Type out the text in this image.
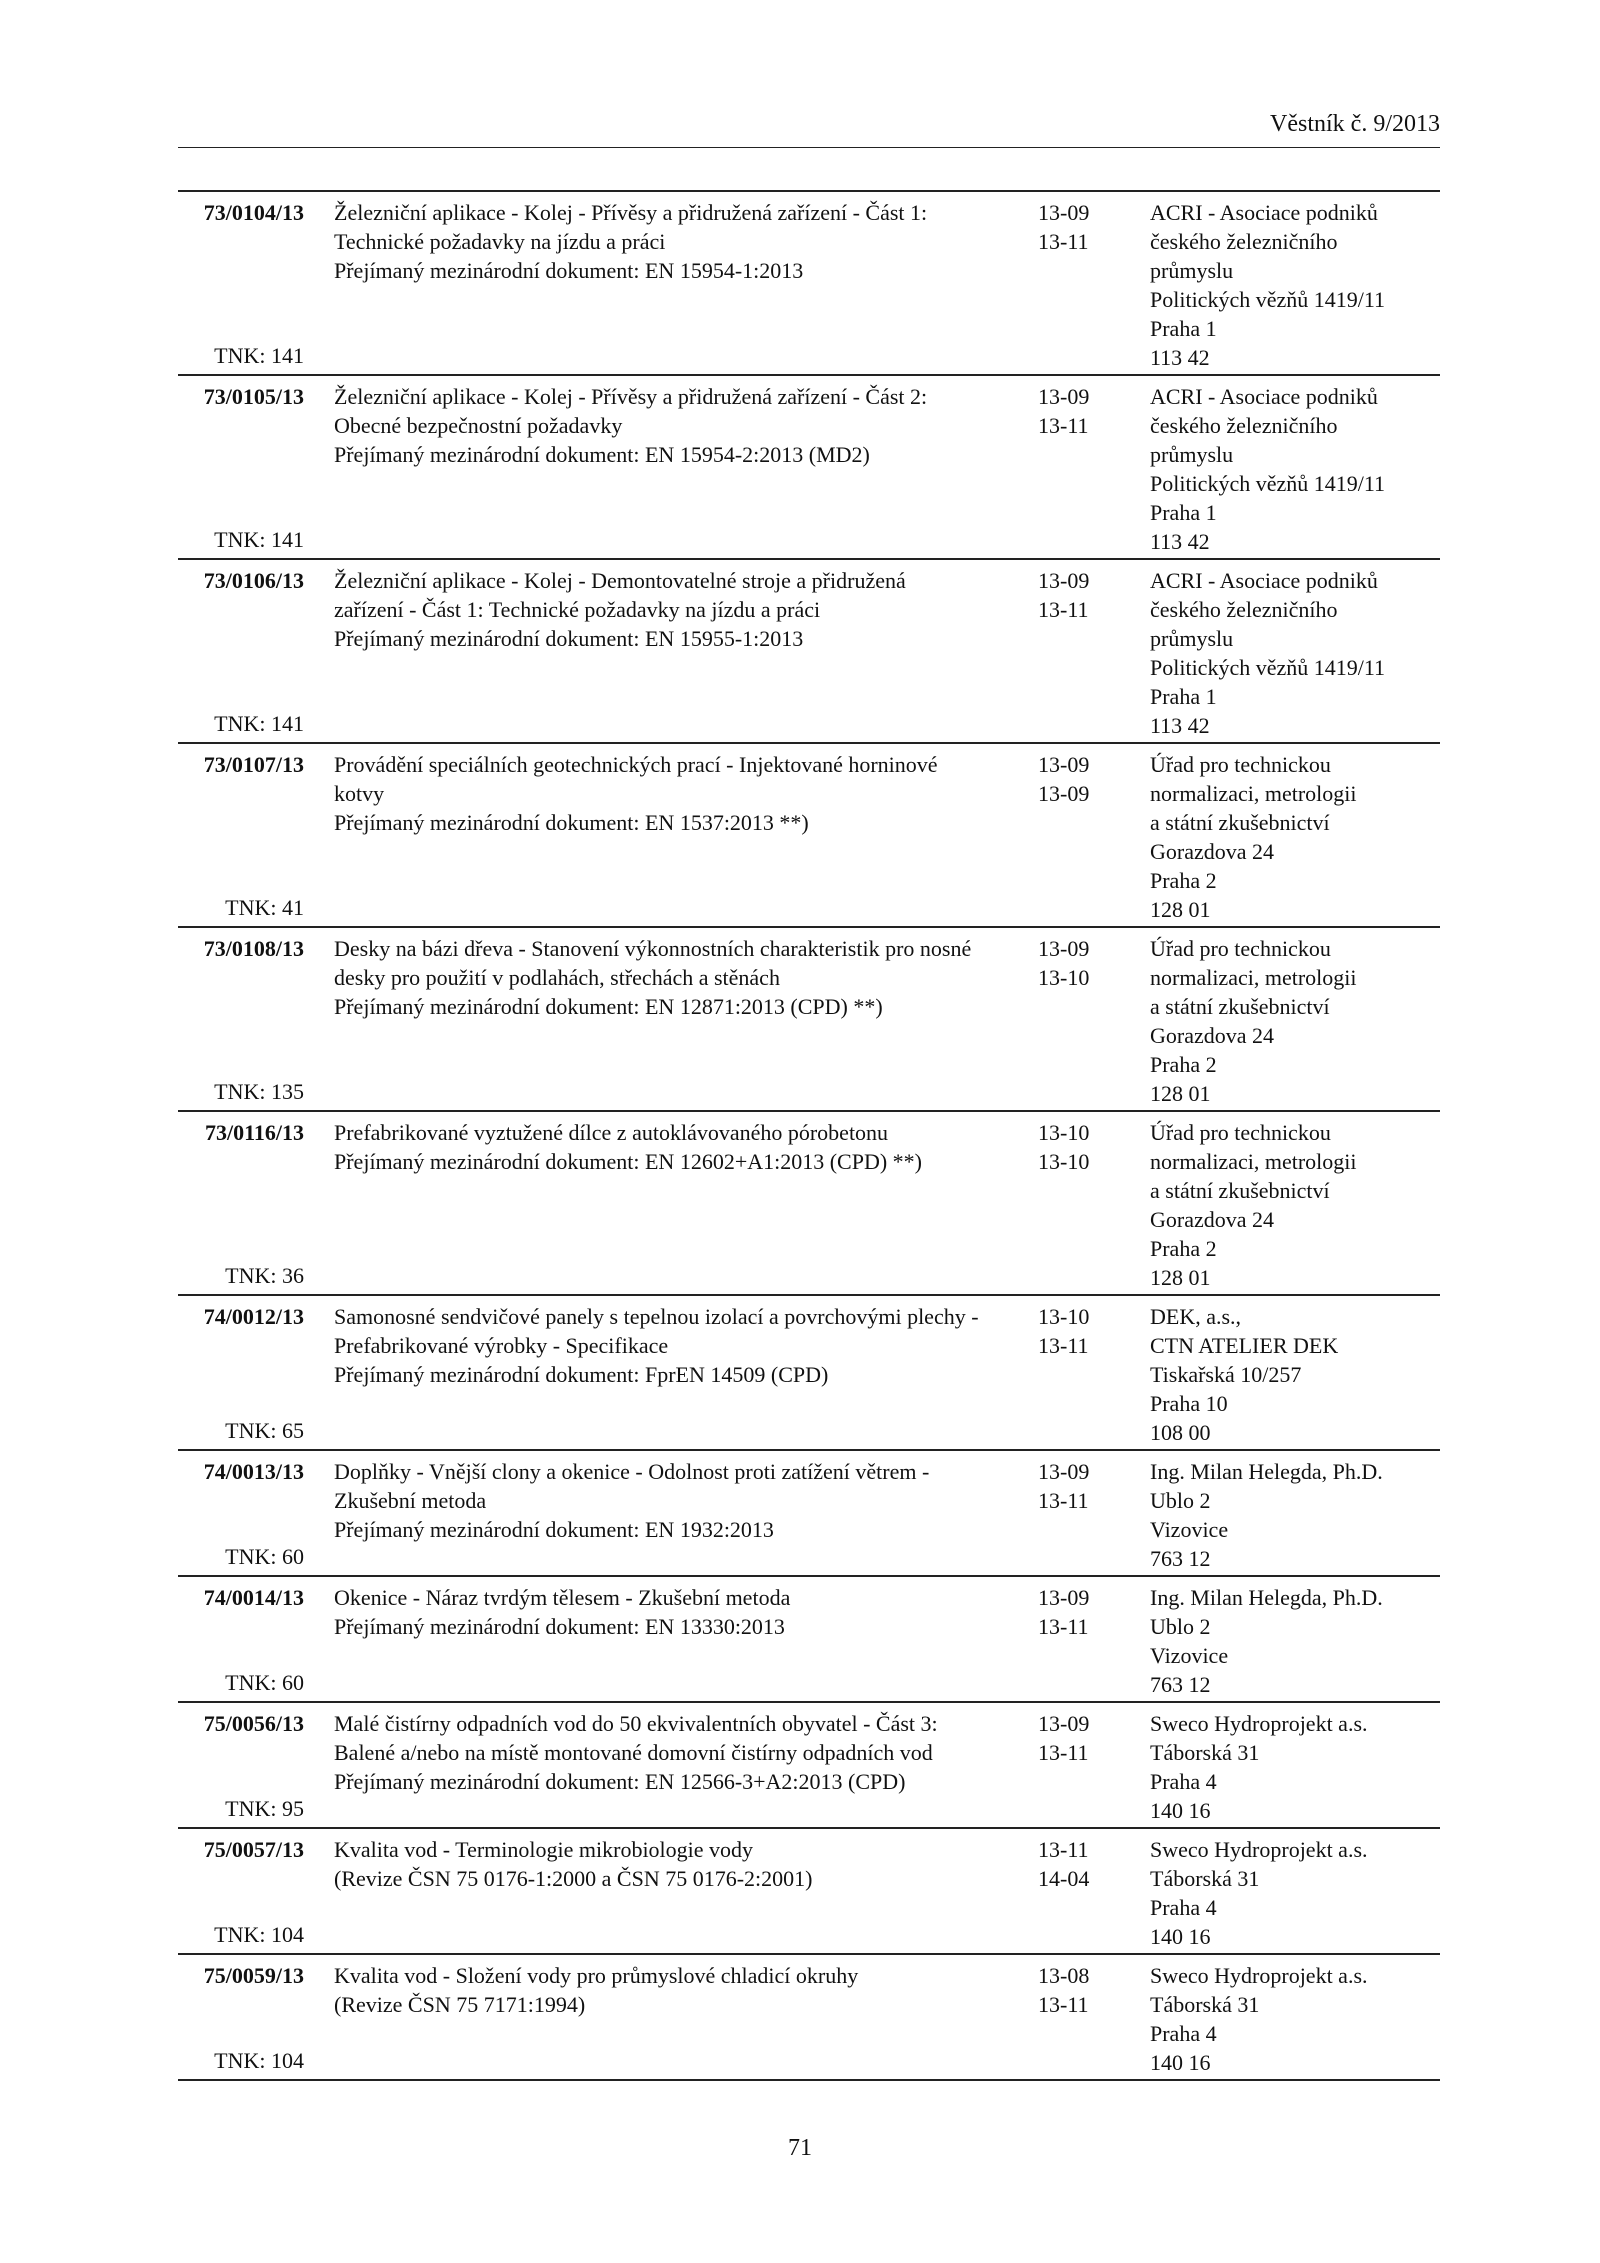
Věstník č. 9/2013
73/0104/13
TNK: 141
Železniční aplikace - Kolej - Přívěsy a přidružená zařízení - Část 1:
Technické požadavky na jízdu a práci
Přejímaný mezinárodní dokument: EN 15954-1:2013
13-09
13-11
ACRI - Asociace podniků
českého železničního
průmyslu
Politických vězňů 1419/11
Praha 1
113 42
73/0105/13
TNK: 141
Železniční aplikace - Kolej - Přívěsy a přidružená zařízení - Část 2:
Obecné bezpečnostní požadavky
Přejímaný mezinárodní dokument: EN 15954-2:2013 (MD2)
13-09
13-11
ACRI - Asociace podniků
českého železničního
průmyslu
Politických vězňů 1419/11
Praha 1
113 42
73/0106/13
TNK: 141
Železniční aplikace - Kolej - Demontovatelné stroje a přidružená
zařízení - Část 1: Technické požadavky na jízdu a práci
Přejímaný mezinárodní dokument: EN 15955-1:2013
13-09
13-11
ACRI - Asociace podniků
českého železničního
průmyslu
Politických vězňů 1419/11
Praha 1
113 42
73/0107/13
TNK: 41
Provádění speciálních geotechnických prací - Injektované horninové
kotvy
Přejímaný mezinárodní dokument: EN 1537:2013 **)
13-09
13-09
Úřad pro technickou
normalizaci, metrologii
a státní zkušebnictví
Gorazdova 24
Praha 2
128 01
73/0108/13
TNK: 135
Desky na bázi dřeva - Stanovení výkonnostních charakteristik pro nosné
desky pro použití v podlahách, střechách a stěnách
Přejímaný mezinárodní dokument: EN 12871:2013 (CPD) **)
13-09
13-10
Úřad pro technickou
normalizaci, metrologii
a státní zkušebnictví
Gorazdova 24
Praha 2
128 01
73/0116/13
TNK: 36
Prefabrikované vyztužené dílce z autoklávovaného pórobetonu
Přejímaný mezinárodní dokument: EN 12602+A1:2013 (CPD) **)
13-10
13-10
Úřad pro technickou
normalizaci, metrologii
a státní zkušebnictví
Gorazdova 24
Praha 2
128 01
74/0012/13
TNK: 65
Samonosné sendvičové panely s tepelnou izolací a povrchovými plechy -
Prefabrikované výrobky - Specifikace
Přejímaný mezinárodní dokument: FprEN 14509 (CPD)
13-10
13-11
DEK, a.s.,
CTN ATELIER DEK
Tiskařská 10/257
Praha 10
108 00
74/0013/13
TNK: 60
Doplňky - Vnější clony a okenice - Odolnost proti zatížení větrem -
Zkušební metoda
Přejímaný mezinárodní dokument: EN 1932:2013
13-09
13-11
Ing. Milan Helegda, Ph.D.
Ublo 2
Vizovice
763 12
74/0014/13
TNK: 60
Okenice - Náraz tvrdým tělesem - Zkušební metoda
Přejímaný mezinárodní dokument: EN 13330:2013
13-09
13-11
Ing. Milan Helegda, Ph.D.
Ublo 2
Vizovice
763 12
75/0056/13
TNK: 95
Malé čistírny odpadních vod do 50 ekvivalentních obyvatel - Část 3:
Balené a/nebo na místě montované domovní čistírny odpadních vod
Přejímaný mezinárodní dokument: EN 12566-3+A2:2013 (CPD)
13-09
13-11
Sweco Hydroprojekt a.s.
Táborská 31
Praha 4
140 16
75/0057/13
TNK: 104
Kvalita vod - Terminologie mikrobiologie vody
(Revize ČSN 75 0176-1:2000 a ČSN 75 0176-2:2001)
13-11
14-04
Sweco Hydroprojekt a.s.
Táborská 31
Praha 4
140 16
75/0059/13
TNK: 104
Kvalita vod - Složení vody pro průmyslové chladicí okruhy
(Revize ČSN 75 7171:1994)
13-08
13-11
Sweco Hydroprojekt a.s.
Táborská 31
Praha 4
140 16
71
